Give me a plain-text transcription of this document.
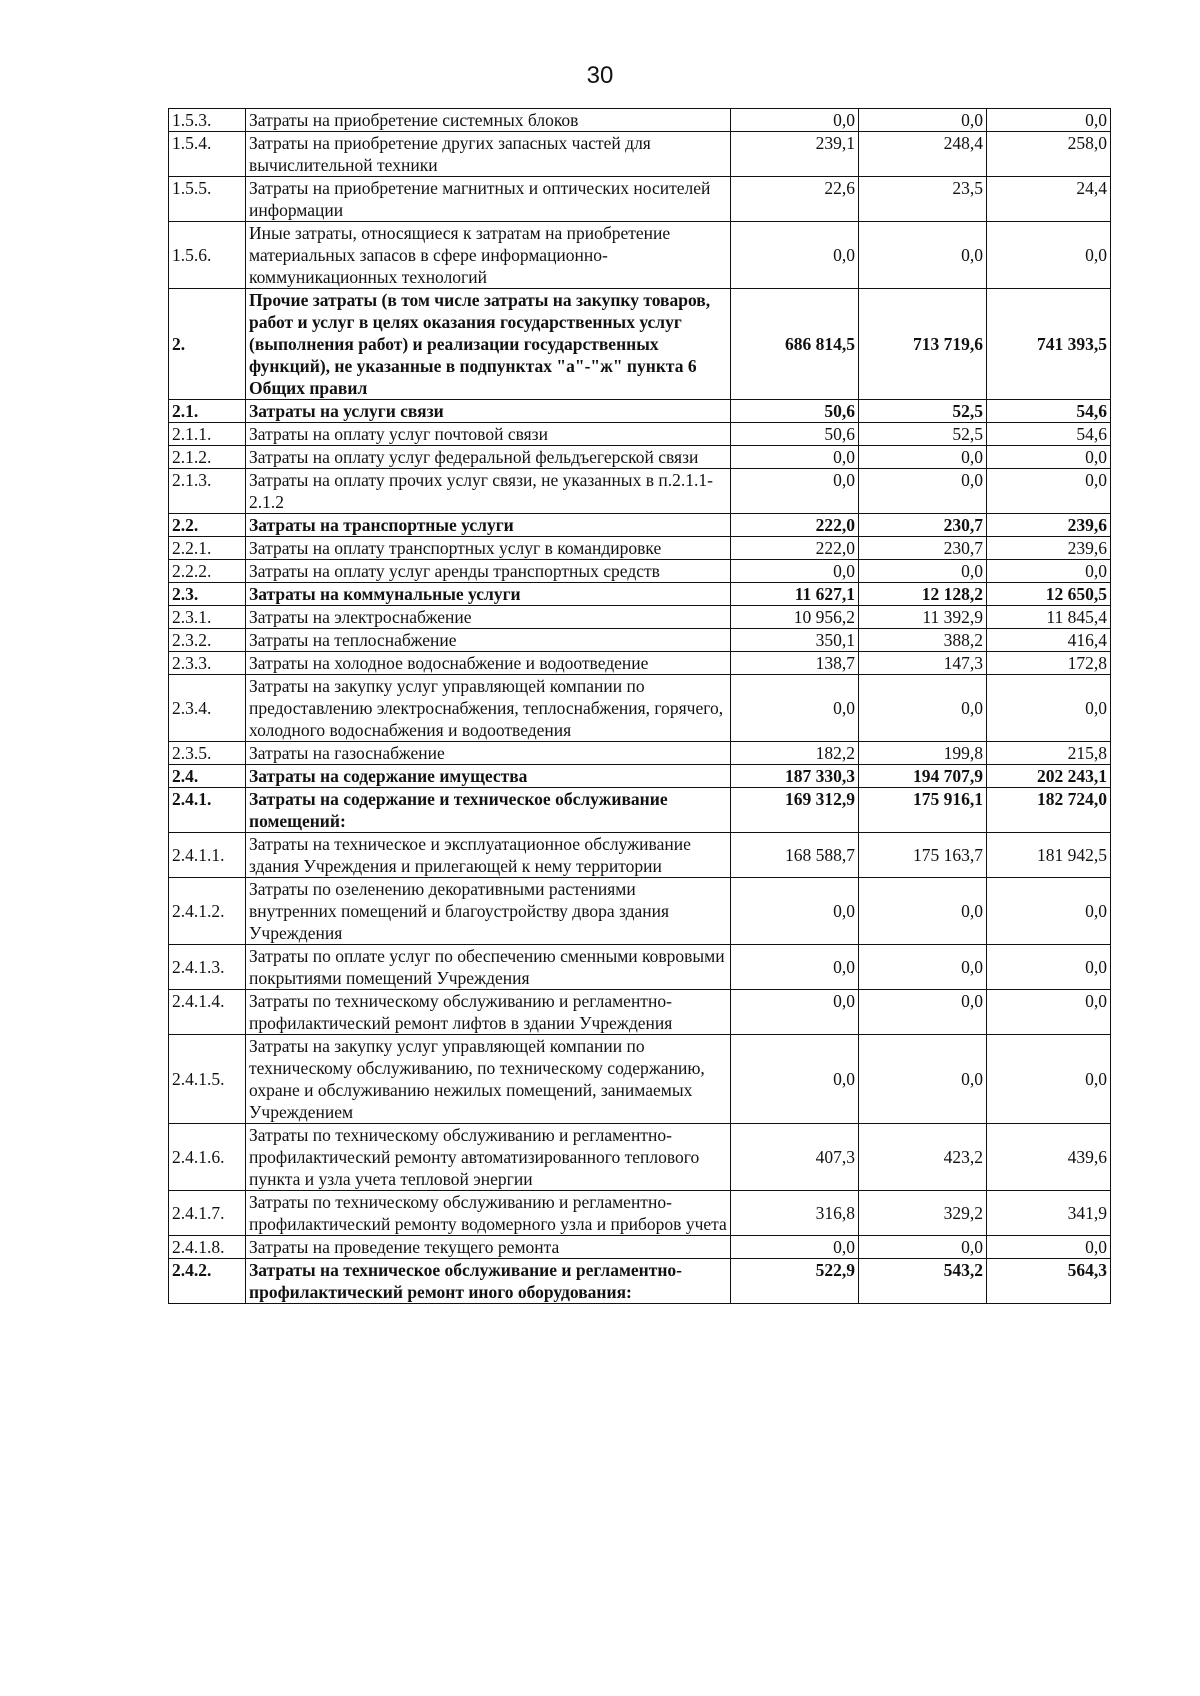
30
1.5.3.	Затраты на приобретение системных блоков	0,0	0,0	0,0
1.5.4.	Затраты на приобретение других запасных частей для вычислительной техники	239,1	248,4	258,0
1.5.5.	Затраты на приобретение магнитных и оптических носителей информации	22,6	23,5	24,4
1.5.6.	Иные затраты, относящиеся к затратам на приобретение материальных запасов в сфере информационно-коммуникационных технологий	0,0	0,0	0,0
2.	Прочие затраты (в том числе затраты на закупку товаров, работ и услуг в целях оказания государственных услуг (выполнения работ) и реализации государственных функций), не указанные в подпунктах "а"-"ж" пункта 6 Общих правил	686 814,5	713 719,6	741 393,5
2.1.	Затраты на услуги связи	50,6	52,5	54,6
2.1.1.	Затраты на оплату услуг почтовой связи	50,6	52,5	54,6
2.1.2.	Затраты на оплату услуг федеральной фельдъегерской связи	0,0	0,0	0,0
2.1.3.	Затраты на оплату прочих услуг связи, не указанных в п.2.1.1-2.1.2	0,0	0,0	0,0
2.2.	Затраты на транспортные услуги	222,0	230,7	239,6
2.2.1.	Затраты на оплату транспортных услуг в командировке	222,0	230,7	239,6
2.2.2.	Затраты на оплату услуг аренды транспортных средств	0,0	0,0	0,0
2.3.	Затраты на коммунальные услуги	11 627,1	12 128,2	12 650,5
2.3.1.	Затраты на электроснабжение	10 956,2	11 392,9	11 845,4
2.3.2.	Затраты на теплоснабжение	350,1	388,2	416,4
2.3.3.	Затраты на холодное водоснабжение и водоотведение	138,7	147,3	172,8
2.3.4.	Затраты на закупку услуг управляющей компании по предоставлению электроснабжения, теплоснабжения, горячего, холодного водоснабжения и водоотведения	0,0	0,0	0,0
2.3.5.	Затраты на газоснабжение	182,2	199,8	215,8
2.4.	Затраты на содержание имущества	187 330,3	194 707,9	202 243,1
2.4.1.	Затраты на содержание и техническое обслуживание помещений:	169 312,9	175 916,1	182 724,0
2.4.1.1.	Затраты на техническое и эксплуатационное обслуживание здания Учреждения и прилегающей к нему территории	168 588,7	175 163,7	181 942,5
2.4.1.2.	Затраты по озеленению декоративными растениями внутренних помещений и благоустройству двора здания Учреждения	0,0	0,0	0,0
2.4.1.3.	Затраты по оплате услуг по обеспечению сменными ковровыми покрытиями помещений Учреждения	0,0	0,0	0,0
2.4.1.4.	Затраты по техническому обслуживанию и регламентно-профилактический ремонт лифтов в здании Учреждения	0,0	0,0	0,0
2.4.1.5.	Затраты на закупку услуг управляющей компании по техническому обслуживанию, по техническому содержанию, охране и обслуживанию нежилых помещений, занимаемых Учреждением	0,0	0,0	0,0
2.4.1.6.	Затраты по техническому обслуживанию и регламентно-профилактический ремонту автоматизированного теплового пункта и узла учета тепловой энергии	407,3	423,2	439,6
2.4.1.7.	Затраты по техническому обслуживанию и регламентно-профилактический ремонту водомерного узла и приборов учета	316,8	329,2	341,9
2.4.1.8.	Затраты на проведение текущего ремонта	0,0	0,0	0,0
2.4.2.	Затраты на техническое обслуживание и регламентно-профилактический ремонт иного оборудования:	522,9	543,2	564,3
